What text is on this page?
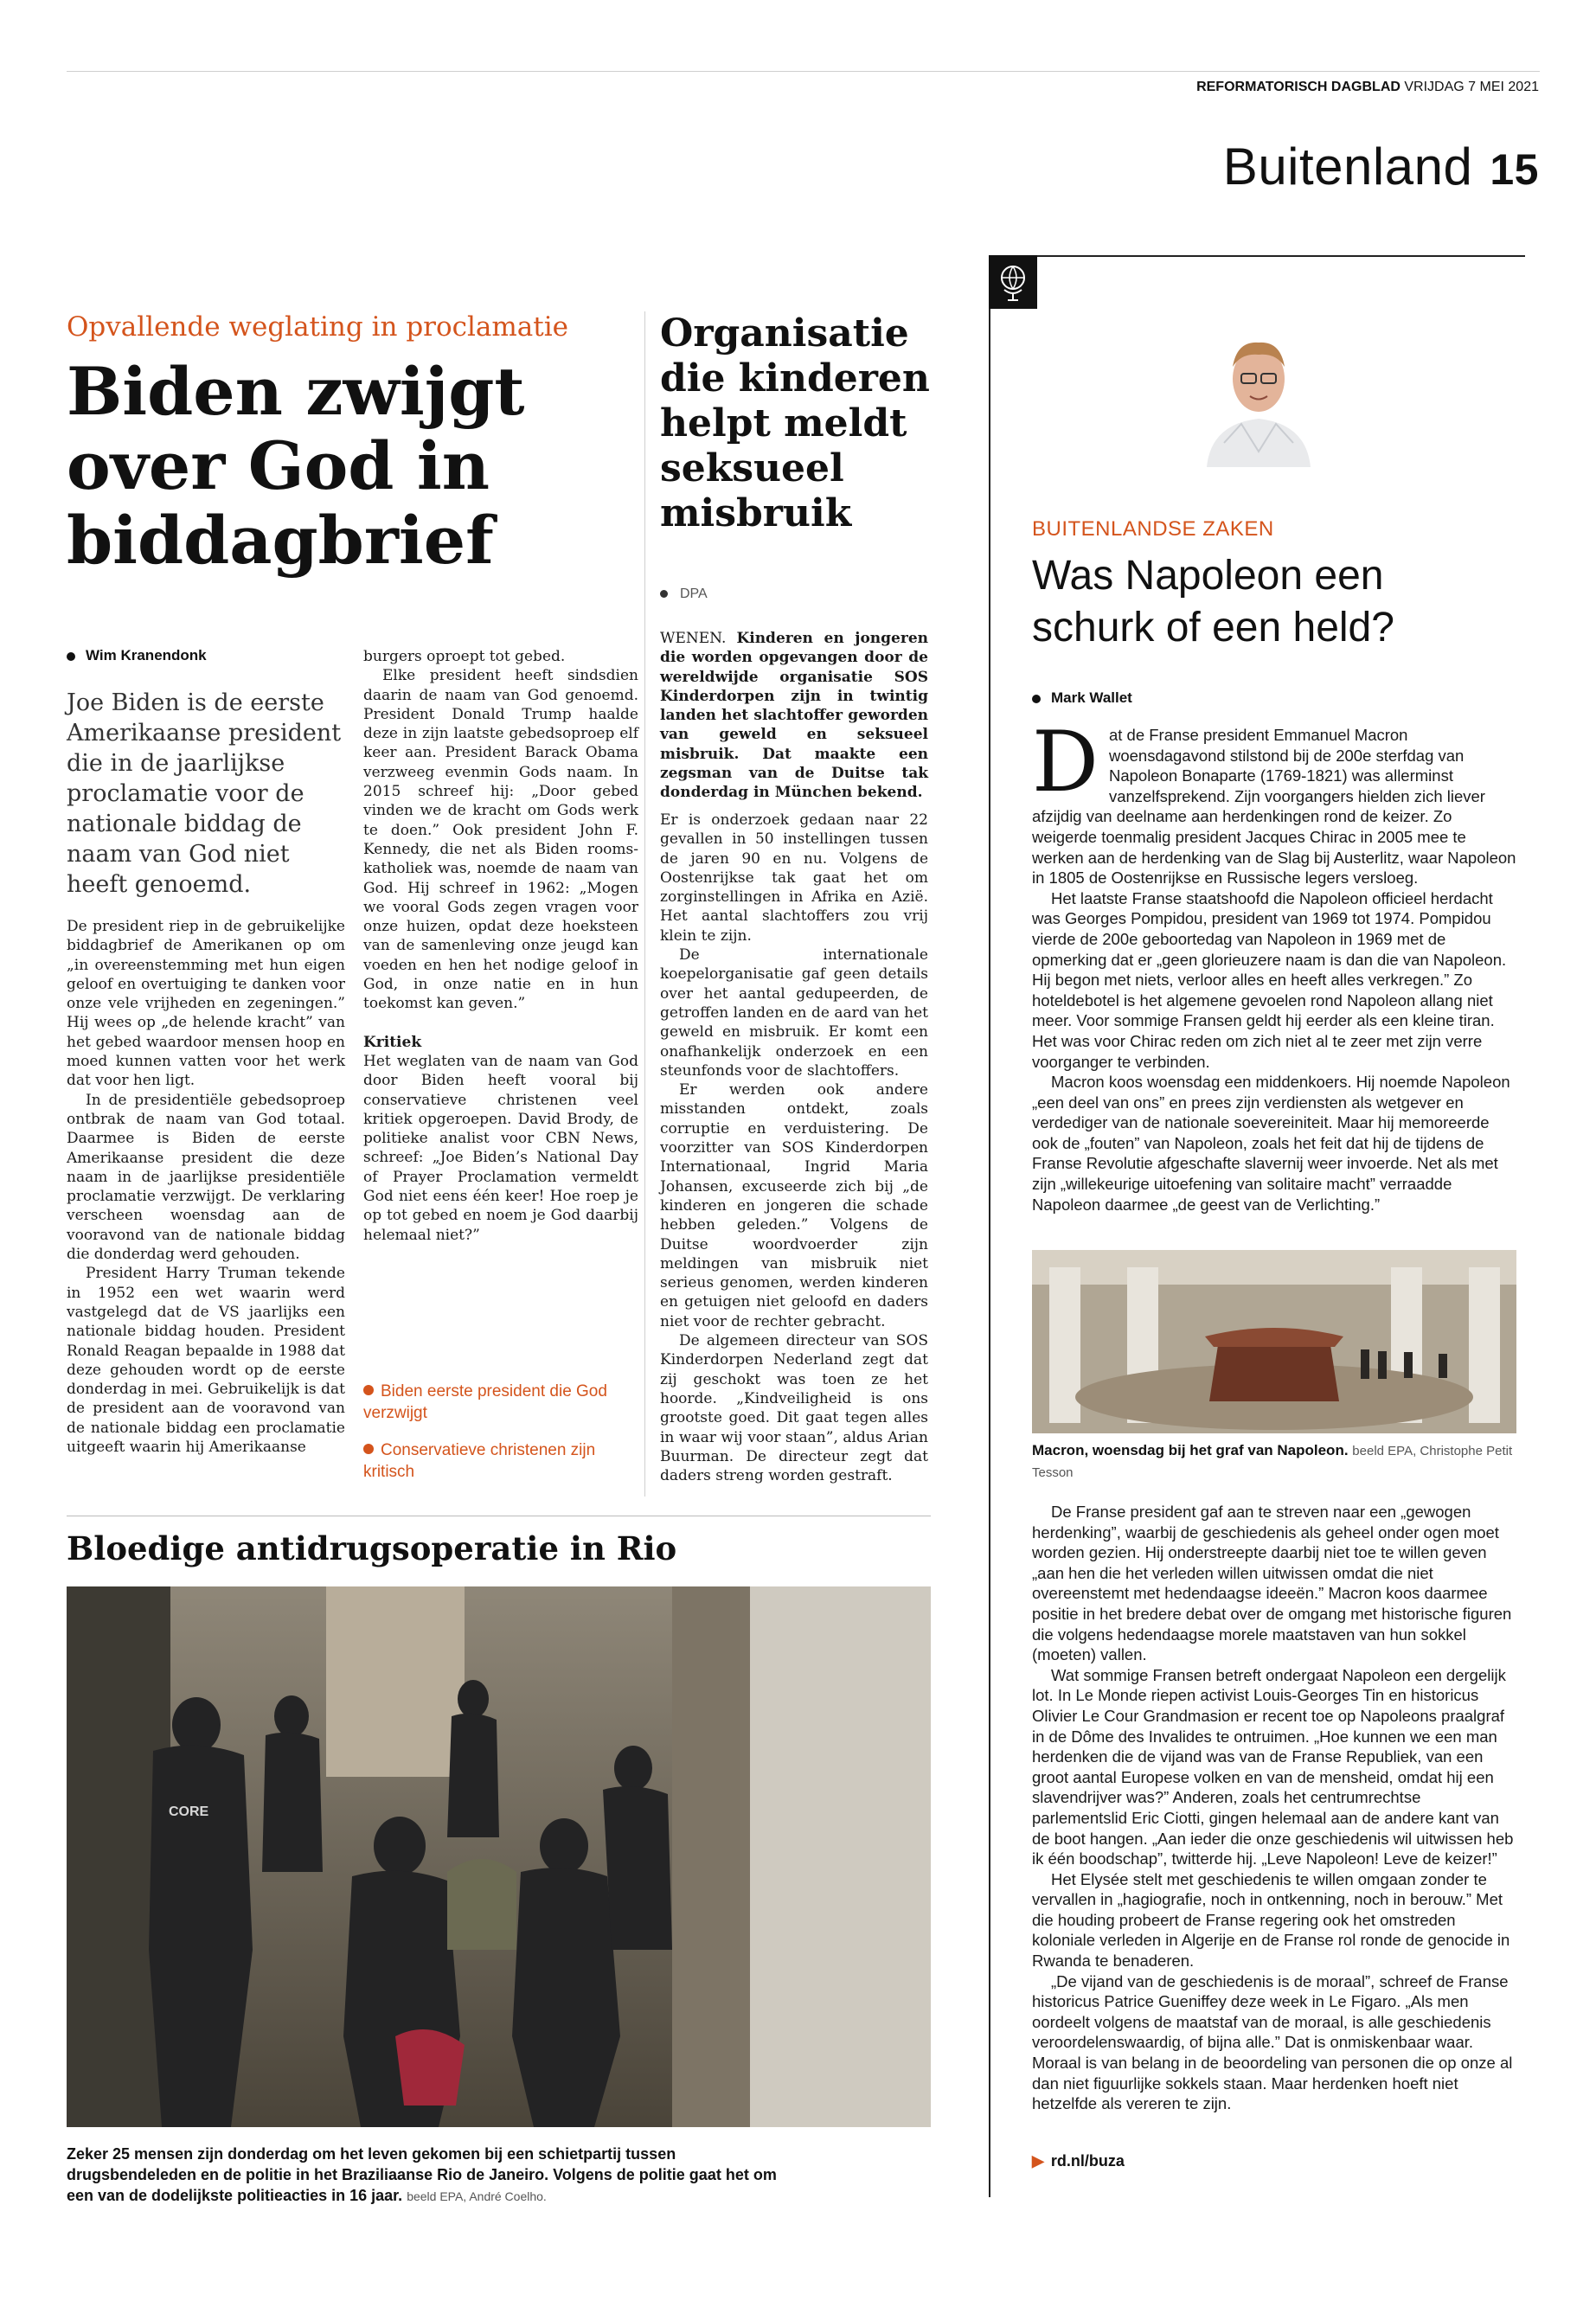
REFORMATORISCH DAGBLAD VRIJDAG 7 MEI 2021
Buitenland 15
Opvallende weglating in proclamatie
Biden zwijgt over God in biddagbrief
Wim Kranendonk
Joe Biden is de eerste Amerikaanse president die in de jaarlijkse proclamatie voor de nationale biddag de naam van God niet heeft genoemd.

De president riep in de gebruikelijke biddagbrief de Amerikanen op om „in overeenstemming met hun eigen geloof en overtuiging te danken voor onze vele vrijheden en zegeningen.” Hij wees op „de helende kracht” van het gebed waardoor mensen hoop en moed kunnen vatten voor het werk dat voor hen ligt.

In de presidentiële gebedsoproep ontbrak de naam van God totaal. Daarmee is Biden de eerste Amerikaanse president die deze naam in de jaarlijkse presidentiële proclamatie verzwijgt. De verklaring verscheen woensdag aan de vooravond van de nationale biddag die donderdag werd gehouden.

President Harry Truman tekende in 1952 een wet waarin werd vastgelegd dat de VS jaarlijks een nationale biddag houden. President Ronald Reagan bepaalde in 1988 dat deze gehouden wordt op de eerste donderdag in mei. Gebruikelijk is dat de president aan de vooravond van de nationale biddag een proclamatie uitgeeft waarin hij Amerikaanse

burgers oproept tot gebed.

Elke president heeft sindsdien daarin de naam van God genoemd. President Donald Trump haalde deze in zijn laatste gebedsoproep elf keer aan. President Barack Obama verzweeg evenmin Gods naam. In 2015 schreef hij: „Door gebed vinden we de kracht om Gods werk te doen.” Ook president John F. Kennedy, die net als Biden rooms-katholiek was, noemde de naam van God. Hij schreef in 1962: „Mogen we vooral Gods zegen vragen voor onze huizen, opdat deze hoeksteen van de samenleving onze jeugd kan voeden en hen het nodige geloof in God, in onze natie en in hun toekomst kan geven.”

Kritiek

Het weglaten van de naam van God door Biden heeft vooral bij conservatieve christenen veel kritiek opgeroepen. David Brody, de politieke analist voor CBN News, schreef: „Joe Biden’s National Day of Prayer Proclamation vermeldt God niet eens één keer! Hoe roep je op tot gebed en noem je God daarbij helemaal niet?”

Biden eerste president die God verzwijgt
Conservatieve christenen zijn kritisch
Organisatie die kinderen helpt meldt seksueel misbruik
DPA
WENEN. Kinderen en jongeren die worden opgevangen door de wereldwijde organisatie SOS Kinderdorpen zijn in twintig landen het slachtoffer geworden van geweld en seksueel misbruik. Dat maakte een zegsman van de Duitse tak donderdag in München bekend.

Er is onderzoek gedaan naar 22 gevallen in 50 instellingen tussen de jaren 90 en nu. Volgens de Oostenrijkse tak gaat het om zorginstellingen in Afrika en Azië. Het aantal slachtoffers zou vrij klein te zijn.

De internationale koepelorganisatie gaf geen details over het aantal gedupeerden, de getroffen landen en de aard van het geweld en misbruik. Er komt een onafhankelijk onderzoek en een steunfonds voor de slachtoffers.

Er werden ook andere misstanden ontdekt, zoals corruptie en verduistering. De voorzitter van SOS Kinderdorpen Internationaal, Ingrid Maria Johansen, excuseerde zich bij „de kinderen en jongeren die schade hebben geleden.” Volgens de Duitse woordvoerder zijn meldingen van misbruik niet serieus genomen, werden kinderen en getuigen niet geloofd en daders niet voor de rechter gebracht.

De algemeen directeur van SOS Kinderdorpen Nederland zegt dat zij geschokt was toen ze het hoorde. „Kindveiligheid is ons grootste goed. Dit gaat tegen alles in waar wij voor staan”, aldus Arian Buurman. De directeur zegt dat daders streng worden gestraft.

Bloedige antidrugsoperatie in Rio
CORE
Zeker 25 mensen zijn donderdag om het leven gekomen bij een schietpartij tussen drugsbendeleden en de politie in het Braziliaanse Rio de Janeiro. Volgens de politie gaat het om een van de dodelijkste politieacties in 16 jaar. beeld EPA, André Coelho.
BUITENLANDSE ZAKEN
Was Napoleon een schurk of een held?
Mark Wallet

Dat de Franse president Emmanuel Macron woensdagavond stilstond bij de 200e sterfdag van Napoleon Bonaparte (1769-1821) was allerminst vanzelfsprekend. Zijn voorgangers hielden zich liever afzijdig van deelname aan herdenkingen rond de keizer. Zo weigerde toenmalig president Jacques Chirac in 2005 mee te werken aan de herdenking van de Slag bij Austerlitz, waar Napoleon in 1805 de Oostenrijkse en Russische legers versloeg.

Het laatste Franse staatshoofd die Napoleon officieel herdacht was Georges Pompidou, president van 1969 tot 1974. Pompidou vierde de 200e geboortedag van Napoleon in 1969 met de opmerking dat er „geen glorieuzere naam is dan die van Napoleon. Hij begon met niets, verloor alles en heeft alles verkregen.” Zo hoteldebotel is het algemene gevoelen rond Napoleon allang niet meer. Voor sommige Fransen geldt hij eerder als een kleine tiran. Het was voor Chirac reden om zich niet al te zeer met zijn verre voorganger te verbinden.

Macron koos woensdag een middenkoers. Hij noemde Napoleon „een deel van ons” en prees zijn verdiensten als wetgever en verdediger van de nationale soevereiniteit. Maar hij memoreerde ook de „fouten” van Napoleon, zoals het feit dat hij de tijdens de Franse Revolutie afgeschafte slavernij weer invoerde. Net als met zijn „willekeurige uitoefening van solitaire macht” verraadde Napoleon daarmee „de geest van de Verlichting.”

Macron, woensdag bij het graf van Napoleon. beeld EPA, Christophe Petit Tesson

De Franse president gaf aan te streven naar een „gewogen herdenking”, waarbij de geschiedenis als geheel onder ogen moet worden gezien. Hij onderstreepte daarbij niet toe te willen geven „aan hen die het verleden willen uitwissen omdat die niet overeenstemt met hedendaagse ideeën.” Macron koos daarmee positie in het bredere debat over de omgang met historische figuren die volgens hedendaagse morele maatstaven van hun sokkel (moeten) vallen.

Wat sommige Fransen betreft ondergaat Napoleon een dergelijk lot. In Le Monde riepen activist Louis-Georges Tin en historicus Olivier Le Cour Grandmasion er recent toe op Napoleons praalgraf in de Dôme des Invalides te ontruimen. „Hoe kunnen we een man herdenken die de vijand was van de Franse Republiek, van een groot aantal Europese volken en van de mensheid, omdat hij een slavendrijver was?” Anderen, zoals het centrumrechtse parlementslid Eric Ciotti, gingen helemaal aan de andere kant van de boot hangen. „Aan ieder die onze geschiedenis wil uitwissen heb ik één boodschap”, twitterde hij. „Leve Napoleon! Leve de keizer!”

Het Elysée stelt met geschiedenis te willen omgaan zonder te vervallen in „hagiografie, noch in ontkenning, noch in berouw.” Met die houding probeert de Franse regering ook het omstreden koloniale verleden in Algerije en de Franse rol ronde de genocide in Rwanda te benaderen.

„De vijand van de geschiedenis is de moraal”, schreef de Franse historicus Patrice Gueniffey deze week in Le Figaro. „Als men oordeelt volgens de maatstaf van de moraal, is alle geschiedenis veroordelenswaardig, of bijna alle.” Dat is onmiskenbaar waar. Moraal is van belang in de beoordeling van personen die op onze al dan niet figuurlijke sokkels staan. Maar herdenken hoeft niet hetzelfde als vereren te zijn.

▶ rd.nl/buza
